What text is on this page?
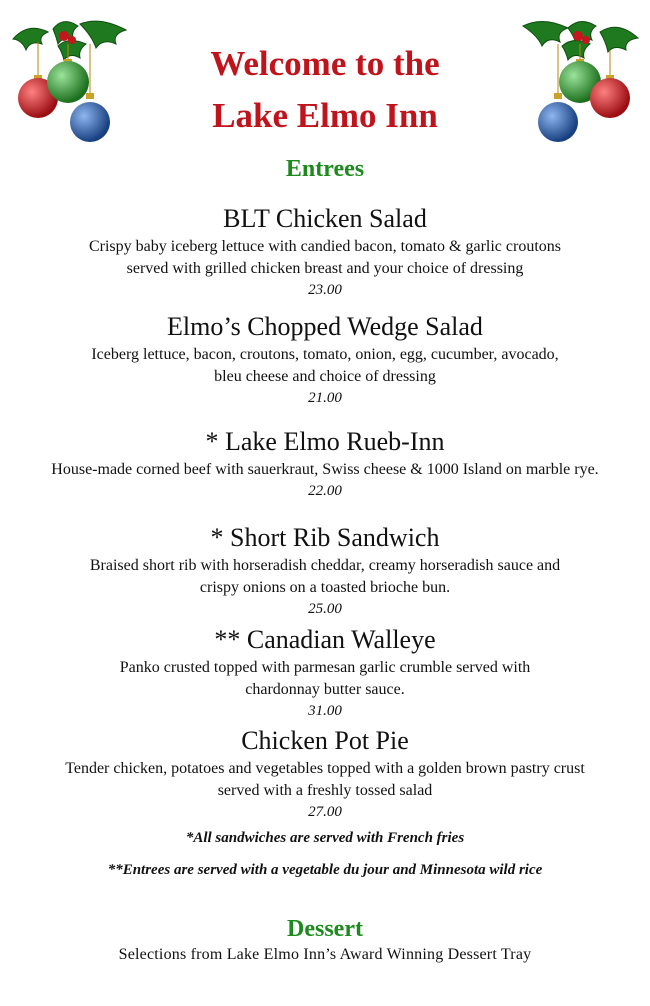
Welcome to the
Lake Elmo Inn
Entrees
BLT Chicken Salad
Crispy baby iceberg lettuce with candied bacon, tomato & garlic croutons
served with grilled chicken breast and your choice of dressing
23.00
Elmo’s Chopped Wedge Salad
Iceberg lettuce, bacon, croutons, tomato, onion, egg, cucumber, avocado,
bleu cheese and choice of dressing
21.00
* Lake Elmo Rueb-Inn
House-made corned beef with sauerkraut, Swiss cheese & 1000 Island on marble rye.
22.00
* Short Rib Sandwich
Braised short rib with horseradish cheddar, creamy horseradish sauce and
crispy onions on a toasted brioche bun.
25.00
** Canadian Walleye
Panko crusted topped with parmesan garlic crumble served with
chardonnay butter sauce.
31.00
Chicken Pot Pie
Tender chicken, potatoes and vegetables topped with a golden brown pastry crust
served with a freshly tossed salad
27.00
*All sandwiches are served with French fries
**Entrees are served with a vegetable du jour and Minnesota wild rice
Dessert
Selections from Lake Elmo Inn’s Award Winning Dessert Tray
